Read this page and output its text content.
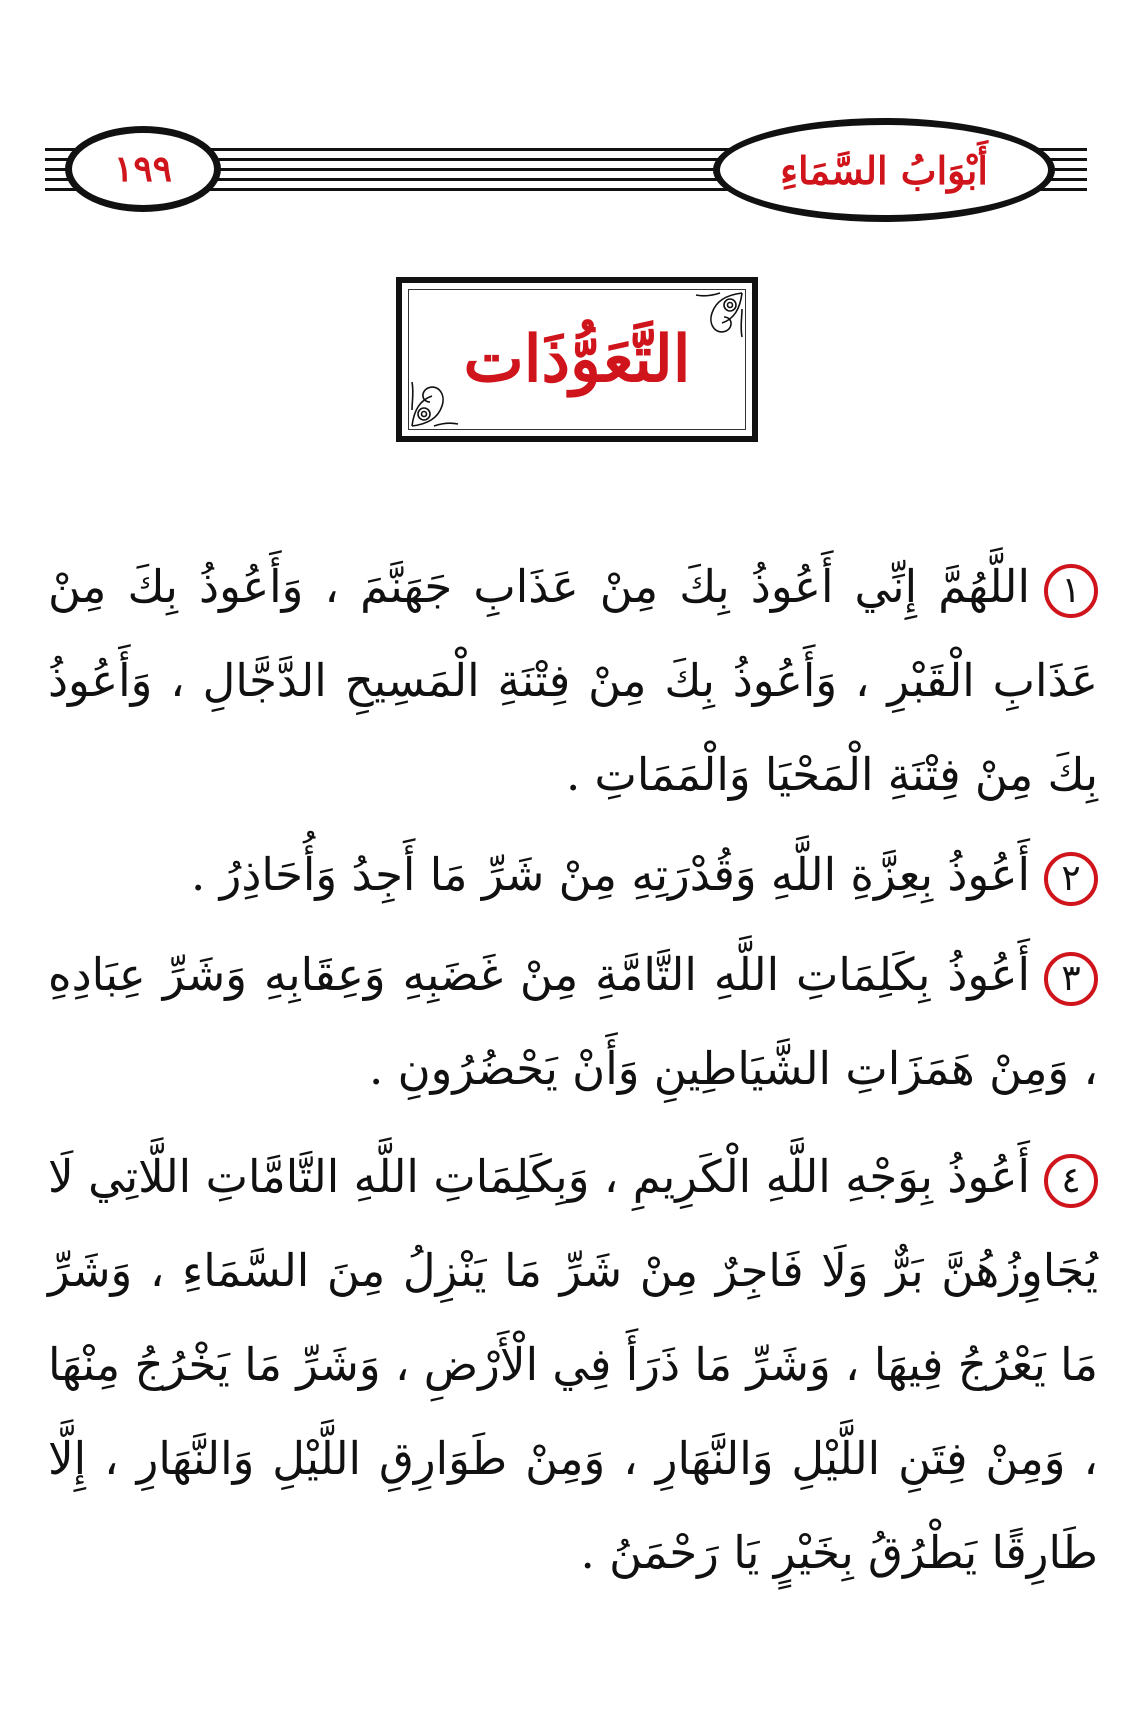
١٩٩	أَبْوَابُ السَّمَاءِ
التَّعَوُّذَات

١اللَّهُمَّ إِنِّي أَعُوذُ بِكَ مِنْ عَذَابِ جَهَنَّمَ ، وَأَعُوذُ بِكَ مِنْ عَذَابِ الْقَبْرِ ، وَأَعُوذُ بِكَ مِنْ فِتْنَةِ الْمَسِيحِ الدَّجَّالِ ، وَأَعُوذُ بِكَ مِنْ فِتْنَةِ الْمَحْيَا وَالْمَمَاتِ .

٢أَعُوذُ بِعِزَّةِ اللَّهِ وَقُدْرَتِهِ مِنْ شَرِّ مَا أَجِدُ وَأُحَاذِرُ .

٣أَعُوذُ بِكَلِمَاتِ اللَّهِ التَّامَّةِ مِنْ غَضَبِهِ وَعِقَابِهِ وَشَرِّ عِبَادِهِ ، وَمِنْ هَمَزَاتِ الشَّيَاطِينِ وَأَنْ يَحْضُرُونِ .

٤أَعُوذُ بِوَجْهِ اللَّهِ الْكَرِيمِ ، وَبِكَلِمَاتِ اللَّهِ التَّامَّاتِ اللَّاتِي لَا يُجَاوِزُهُنَّ بَرٌّ وَلَا فَاجِرٌ مِنْ شَرِّ مَا يَنْزِلُ مِنَ السَّمَاءِ ، وَشَرِّ مَا يَعْرُجُ فِيهَا ، وَشَرِّ مَا ذَرَأَ فِي الْأَرْضِ ، وَشَرِّ مَا يَخْرُجُ مِنْهَا ، وَمِنْ فِتَنِ اللَّيْلِ وَالنَّهَارِ ، وَمِنْ طَوَارِقِ اللَّيْلِ وَالنَّهَارِ ، إِلَّا طَارِقًا يَطْرُقُ بِخَيْرٍ يَا رَحْمَنُ .
